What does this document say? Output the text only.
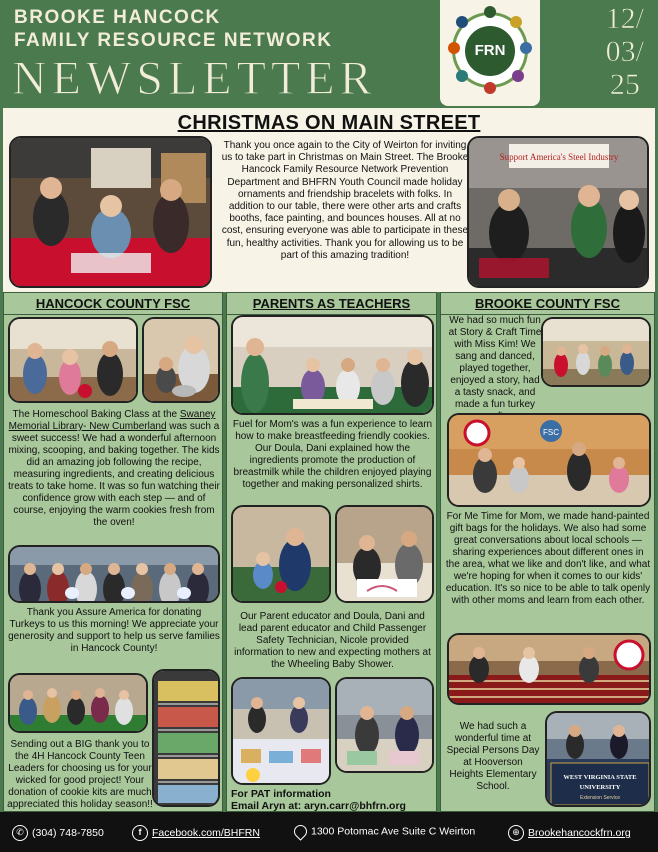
BROOKE HANCOCK
FAMILY RESOURCE NETWORK
NEWSLETTER
FRN
12/
03/
25
CHRISTMAS ON MAIN STREET
Thank you once again to the City of Weirton for inviting us to take part in Christmas on Main Street. The Brooke Hancock Family Resource Network Prevention Department and BHFRN Youth Council made holiday ornaments and friendship bracelets with folks. In addition to our table, there were other arts and crafts booths, face painting, and bounces houses. All at no cost, ensuring everyone was able to participate in these fun, healthy activities. Thank you for allowing us to be part of this amazing tradition!
Support America's Steel Industry
HANCOCK COUNTY FSC
The Homeschool Baking Class at the Swaney Memorial Library- New Cumberland was such a sweet success! We had a wonderful afternoon mixing, scooping, and baking together. The kids did an amazing job following the recipe, measuring ingredients, and creating delicious treats to take home. It was so fun watching their confidence grow with each step — and of course, enjoying the warm cookies fresh from the oven!
Thank you Assure America for donating Turkeys to us this morning! We appreciate your generosity and support to help us serve families in Hancock County!
Sending out a BIG thank you to the 4H Hancock County Teen Leaders for choosing us for your wicked for good project! Your donation of cookie kits are much appreciated this holiday season!!
PARENTS AS TEACHERS
Fuel for Mom's was a fun experience to learn how to make breastfeeding friendly cookies. Our Doula, Dani explained how the ingredients promote the production of breastmilk while the children enjoyed playing together and making personalized shirts.
Our Parent educator and Doula, Dani and lead parent educator and Child Passenger Safety Technician, Nicole provided information to new and expecting mothers at the Wheeling Baby Shower.
For PAT information
Email Aryn at: aryn.carr@bhfrn.org
BROOKE COUNTY FSC
We had so much fun at Story & Craft Time with Miss Kim! We sang and danced, played together, enjoyed a story, had a tasty snack, and made a fun turkey
FSC
For Me Time for Mom, we made hand-painted gift bags for the holidays. We also had some great conversations about local schools — sharing experiences about different ones in the area, what we like and don't like, and what we're hoping for when it comes to our kids' education. It's so nice to be able to talk openly with other moms and learn from each other.
We had such a wonderful time at Special Persons Day at Hooverson Heights Elementary School.
WEST VIRGINIA STATE
UNIVERSITY
Extension Service
✆ (304) 748-7850	f Facebook.com/BHFRN	1300 Potomac Ave Suite C Weirton	⊕ Brookehancockfrn.org
